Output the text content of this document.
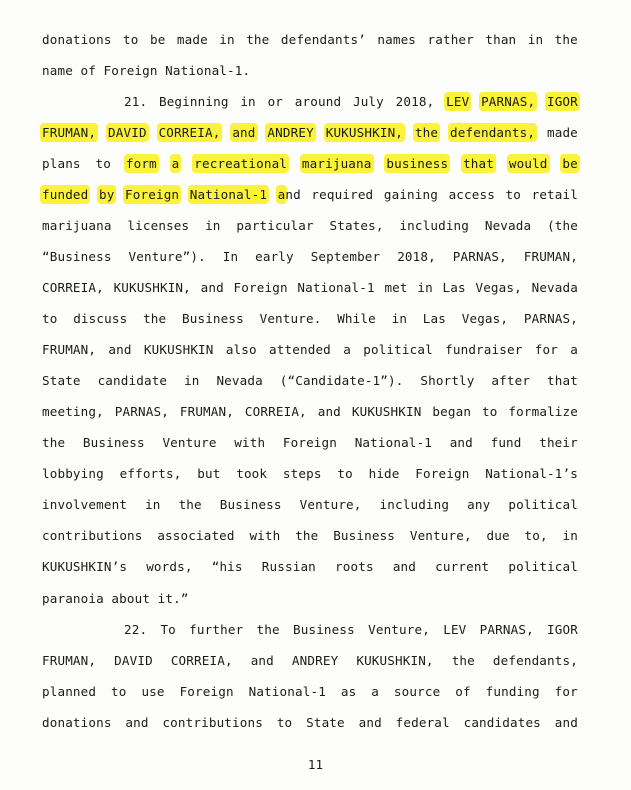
donations to be made in the defendants’ names rather than in the
name of Foreign National-1.
21. Beginning in or around July 2018, LEV PARNAS, IGOR
FRUMAN, DAVID CORREIA, and ANDREY KUKUSHKIN, the defendants, made
plans to form a recreational marijuana business that would be
funded by Foreign National-1 and required gaining access to retail
marijuana licenses in particular States, including Nevada (the
“Business Venture”). In early September 2018, PARNAS, FRUMAN,
CORREIA, KUKUSHKIN, and Foreign National-1 met in Las Vegas, Nevada
to discuss the Business Venture. While in Las Vegas, PARNAS,
FRUMAN, and KUKUSHKIN also attended a political fundraiser for a
State candidate in Nevada (“Candidate-1”). Shortly after that
meeting, PARNAS, FRUMAN, CORREIA, and KUKUSHKIN began to formalize
the Business Venture with Foreign National-1 and fund their
lobbying efforts, but took steps to hide Foreign National-1’s
involvement in the Business Venture, including any political
contributions associated with the Business Venture, due to, in
KUKUSHKIN’s words, “his Russian roots and current political
paranoia about it.”
22. To further the Business Venture, LEV PARNAS, IGOR
FRUMAN, DAVID CORREIA, and ANDREY KUKUSHKIN, the defendants,
planned to use Foreign National-1 as a source of funding for
donations and contributions to State and federal candidates and
11
